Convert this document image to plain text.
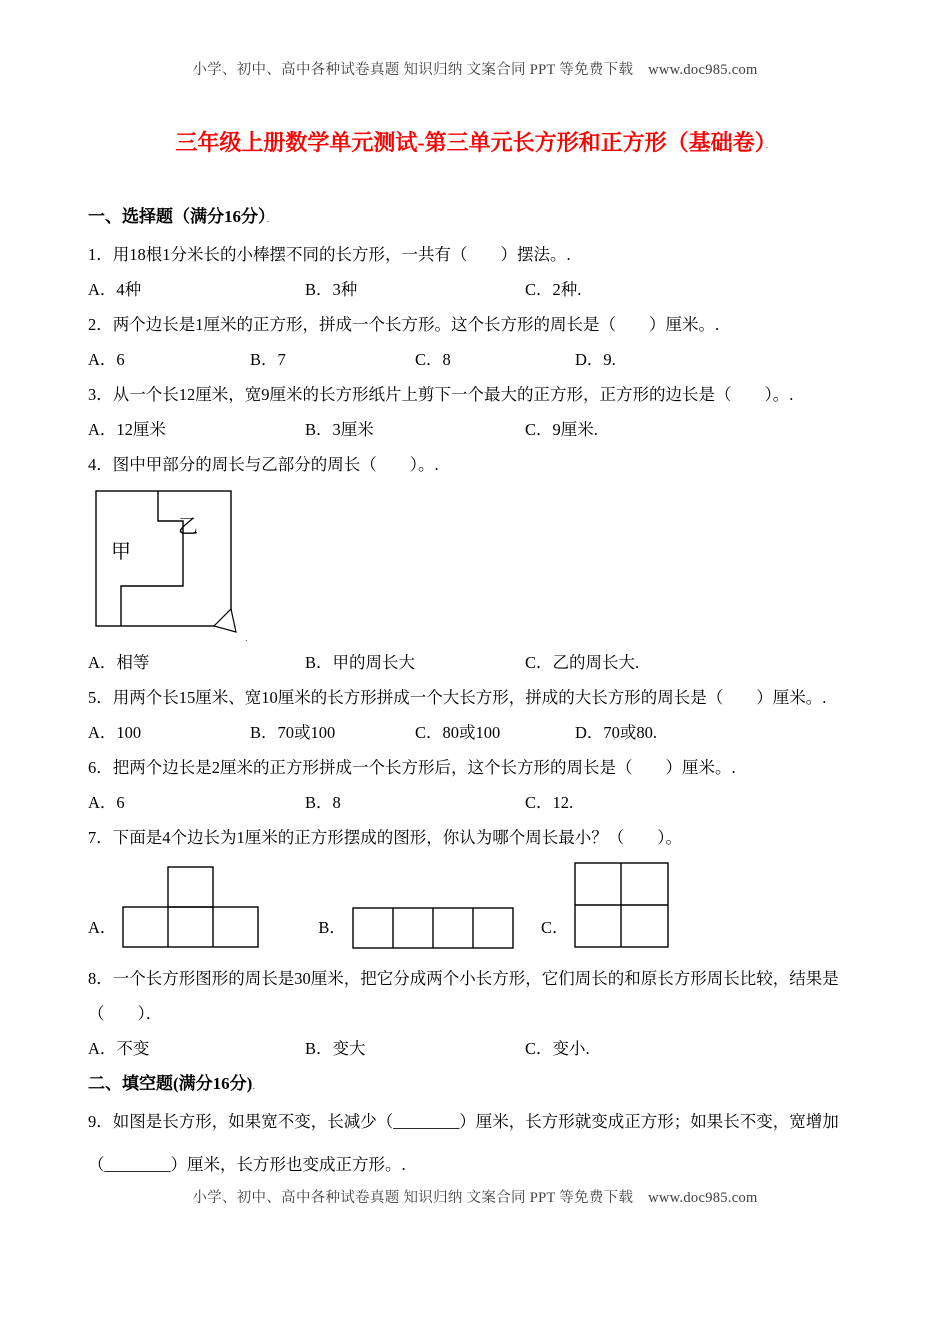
小学、初中、高中各种试卷真题 知识归纳 文案合同 PPT 等免费下载　www.doc985.com
三年级上册数学单元测试-第三单元长方形和正方形（基础卷）．
一、选择题（满分16分）．

1．用18根1分米长的小棒摆不同的长方形，一共有（　　）摆法。.

A．4种	B．3种	C．2种.

2．两个边长是1厘米的正方形，拼成一个长方形。这个长方形的周长是（　　）厘米。.

A．6	B．7	C．8	D．9.

3．从一个长12厘米，宽9厘米的长方形纸片上剪下一个最大的正方形，正方形的边长是（　　）。.

A．12厘米	B．3厘米	C．9厘米.

4．图中甲部分的周长与乙部分的周长（　　）。.

甲
乙
．
A．相等	B．甲的周长大	C．乙的周长大.

5．用两个长15厘米、宽10厘米的长方形拼成一个大长方形，拼成的大长方形的周长是（　　）厘米。.

A．100	B．70或100	C．80或100	D．70或80.

6．把两个边长是2厘米的正方形拼成一个长方形后，这个长方形的周长是（　　）厘米。.

A．6	B．8	C．12.

7．下面是4个边长为1厘米的正方形摆成的图形，你认为哪个周长最小？（　　）。

A．	B．	C．

8．一个长方形图形的周长是30厘米，把它分成两个小长方形，它们周长的和原长方形周长比较，结果是

（　　）．

A．不变	B．变大	C．变小.
二、填空题(满分16分)．

9．如图是长方形，如果宽不变，长减少（________）厘米，长方形就变成正方形；如果长不变，宽增加

（________）厘米，长方形也变成正方形。.

小学、初中、高中各种试卷真题 知识归纳 文案合同 PPT 等免费下载　www.doc985.com
